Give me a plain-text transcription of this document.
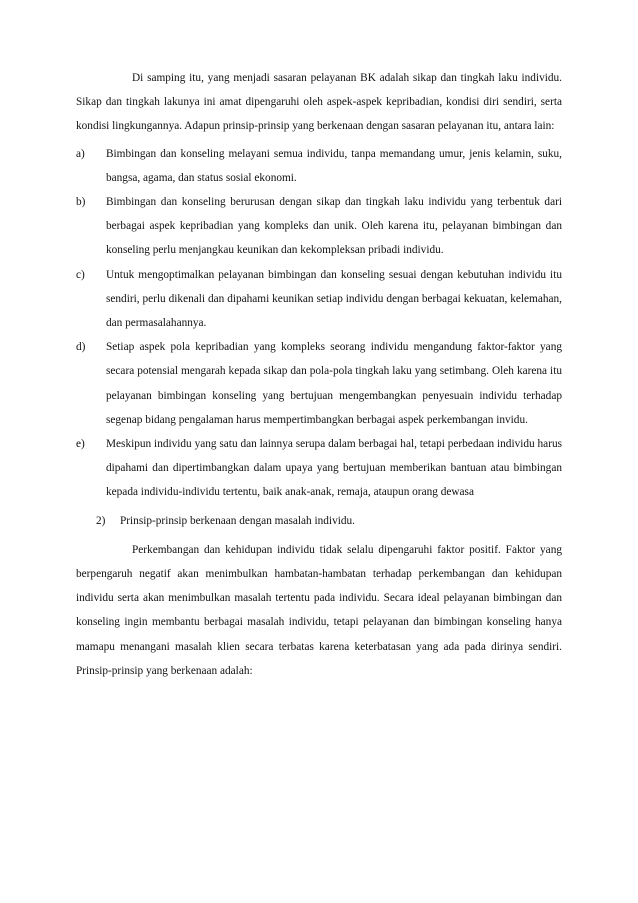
Di samping itu, yang menjadi sasaran pelayanan BK adalah sikap dan tingkah laku individu. Sikap dan tingkah lakunya ini amat dipengaruhi oleh aspek-aspek kepribadian, kondisi diri sendiri, serta kondisi lingkungannya. Adapun prinsip-prinsip yang berkenaan dengan sasaran pelayanan itu, antara lain:

a) Bimbingan dan konseling melayani semua individu, tanpa memandang umur, jenis kelamin, suku, bangsa, agama, dan status sosial ekonomi.
b) Bimbingan dan konseling berurusan dengan sikap dan tingkah laku individu yang terbentuk dari berbagai aspek kepribadian yang kompleks dan unik. Oleh karena itu, pelayanan bimbingan dan konseling perlu menjangkau keunikan dan kekompleksan pribadi individu.
c) Untuk mengoptimalkan pelayanan bimbingan dan konseling sesuai dengan kebutuhan individu itu sendiri, perlu dikenali dan dipahami keunikan setiap individu dengan berbagai kekuatan, kelemahan, dan permasalahannya.
d) Setiap aspek pola kepribadian yang kompleks seorang individu mengandung faktor-faktor yang secara potensial mengarah kepada sikap dan pola-pola tingkah laku yang setimbang. Oleh karena itu pelayanan bimbingan konseling yang bertujuan mengembangkan penyesuain individu terhadap segenap bidang pengalaman harus mempertimbangkan berbagai aspek perkembangan invidu.
e) Meskipun individu yang satu dan lainnya serupa dalam berbagai hal, tetapi perbedaan individu harus dipahami dan dipertimbangkan dalam upaya yang bertujuan memberikan bantuan atau bimbingan kepada individu-individu tertentu, baik anak-anak, remaja, ataupun orang dewasa
2) Prinsip-prinsip berkenaan dengan masalah individu.

Perkembangan dan kehidupan individu tidak selalu dipengaruhi faktor positif. Faktor yang berpengaruh negatif akan menimbulkan hambatan-hambatan terhadap perkembangan dan kehidupan individu serta akan menimbulkan masalah tertentu pada individu. Secara ideal pelayanan bimbingan dan konseling ingin membantu berbagai masalah individu, tetapi pelayanan dan bimbingan konseling hanya mamapu menangani masalah klien secara terbatas karena keterbatasan yang ada pada dirinya sendiri. Prinsip-prinsip yang berkenaan adalah:
